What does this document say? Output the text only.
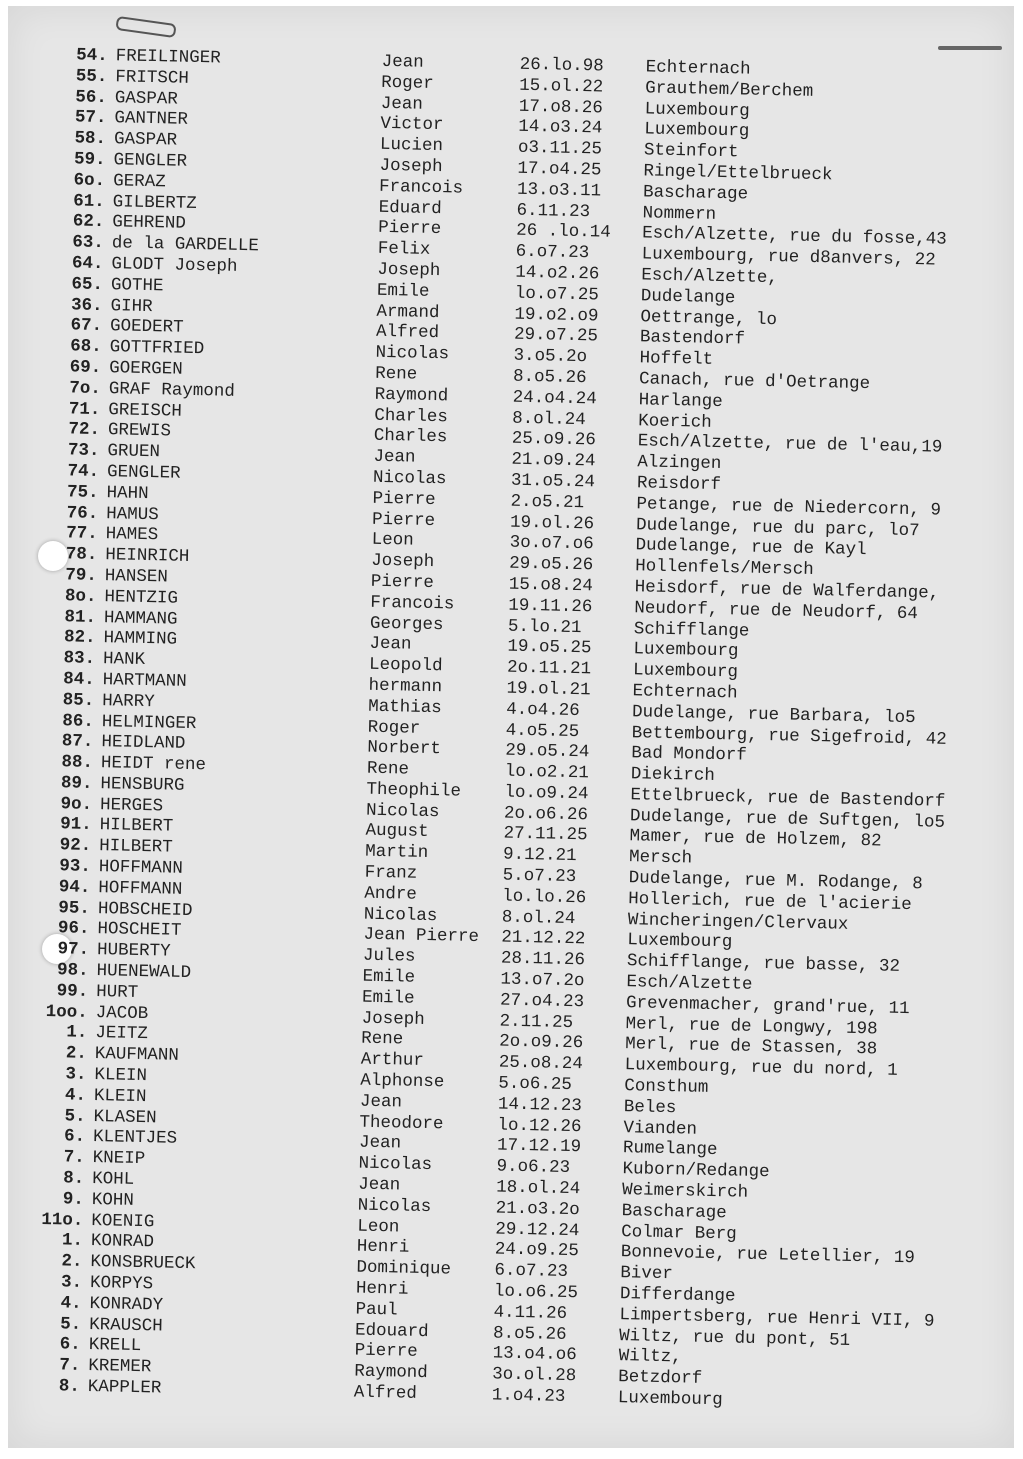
54. FREILINGER	Jean	26.lo.98 Echternach
55. FRITSCH	Roger	15.ol.22 Grauthem/Berchem
56. GASPAR	Jean	17.o8.26 Luxembourg
57. GANTNER	Victor	14.o3.24 Luxembourg
58. GASPAR	Lucien	o3.11.25 Steinfort
59. GENGLER	Joseph	17.o4.25 Ringel/Ettelbrueck
6o. GERAZ	Francois	13.o3.11 Bascharage
61. GILBERTZ	Eduard	6.11.23	Nommern
62. GEHREND	Pierre	26 .lo.14 Esch/Alzette, rue du fosse,43
63. de la GARDELLE	Felix	6.o7.23	Luxembourg, rue d8anvers, 22
64. GLODT Joseph	Joseph	14.o2.26 Esch/Alzette,
65. GOTHE	Emile	lo.o7.25 Dudelange
36. GIHR	Armand	19.o2.o9 Oettrange, lo
67. GOEDERT	Alfred	29.o7.25 Bastendorf
68. GOTTFRIED	Nicolas	3.o5.2o	Hoffelt
69. GOERGEN	Rene	8.o5.26	Canach, rue d'Oetrange
7o. GRAF Raymond	Raymond	24.o4.24 Harlange
71. GREISCH	Charles	8.ol.24	Koerich
72. GREWIS	Charles	25.o9.26 Esch/Alzette, rue de l'eau,19
73. GRUEN	Jean	21.o9.24 Alzingen
74. GENGLER	Nicolas	31.o5.24 Reisdorf
75. HAHN	Pierre	2.o5.21	Petange, rue de Niedercorn, 9
76. HAMUS	Pierre	19.ol.26 Dudelange, rue du parc, lo7
77. HAMES	Leon	3o.o7.o6 Dudelange, rue de Kayl
78. HEINRICH	Joseph	29.o5.26 Hollenfels/Mersch
79. HANSEN	Pierre	15.o8.24 Heisdorf, rue de Walferdange,
8o. HENTZIG	Francois	19.11.26 Neudorf, rue de Neudorf, 64
81. HAMMANG	Georges	5.lo.21	Schifflange
82. HAMMING	Jean	19.o5.25 Luxembourg
83. HANK	Leopold	2o.11.21 Luxembourg
84. HARTMANN	hermann	19.ol.21 Echternach
85. HARRY	Mathias	4.o4.26	Dudelange, rue Barbara, lo5
86. HELMINGER	Roger	4.o5.25	Bettembourg, rue Sigefroid, 42
87. HEIDLAND	Norbert	29.o5.24 Bad Mondorf
88. HEIDT rene	Rene	lo.o2.21 Diekirch
89. HENSBURG	Theophile lo.o9.24 Ettelbrueck, rue de Bastendorf
9o. HERGES	Nicolas	2o.o6.26 Dudelange, rue de Suftgen, lo5
91. HILBERT	August	27.11.25 Mamer, rue de Holzem, 82
92. HILBERT	Martin	9.12.21	Mersch
93. HOFFMANN	Franz	5.o7.23	Dudelange, rue M. Rodange, 8
94. HOFFMANN	Andre	lo.lo.26 Hollerich, rue de l'acierie
95. HOBSCHEID	Nicolas	8.ol.24	Wincheringen/Clervaux
96. HOSCHEIT	Jean Pierre 21.12.22 Luxembourg
97. HUBERTY	Jules	28.11.26 Schifflange, rue basse, 32
98. HUENEWALD	Emile	13.o7.2o Esch/Alzette
99. HURT	Emile	27.o4.23 Grevenmacher, grand'rue, 11
1oo. JACOB	Joseph	2.11.25	Merl, rue de Longwy, 198
1. JEITZ	Rene	2o.o9.26 Merl, rue de Stassen, 38
2. KAUFMANN	Arthur	25.o8.24 Luxembourg, rue du nord, 1
3. KLEIN	Alphonse	5.o6.25	Consthum
4. KLEIN	Jean	14.12.23 Beles
5. KLASEN	Theodore	lo.12.26 Vianden
6. KLENTJES	Jean	17.12.19 Rumelange
7. KNEIP	Nicolas	9.o6.23	Kuborn/Redange
8. KOHL	Jean	18.ol.24 Weimerskirch
9. KOHN	Nicolas	21.o3.2o Bascharage
11o. KOENIG	Leon	29.12.24 Colmar Berg
1. KONRAD	Henri	24.o9.25 Bonnevoie, rue Letellier, 19
2. KONSBRUECK	Dominique 6.o7.23	Biver
3. KORPYS	Henri	lo.o6.25 Differdange
4. KONRADY	Paul	4.11.26	Limpertsberg, rue Henri VII, 9
5. KRAUSCH	Edouard	8.o5.26	Wiltz, rue du pont, 51
6. KRELL	Pierre	13.o4.o6 Wiltz,
7. KREMER	Raymond	3o.ol.28 Betzdorf
8. KAPPLER	Alfred	1.o4.23	Luxembourg
